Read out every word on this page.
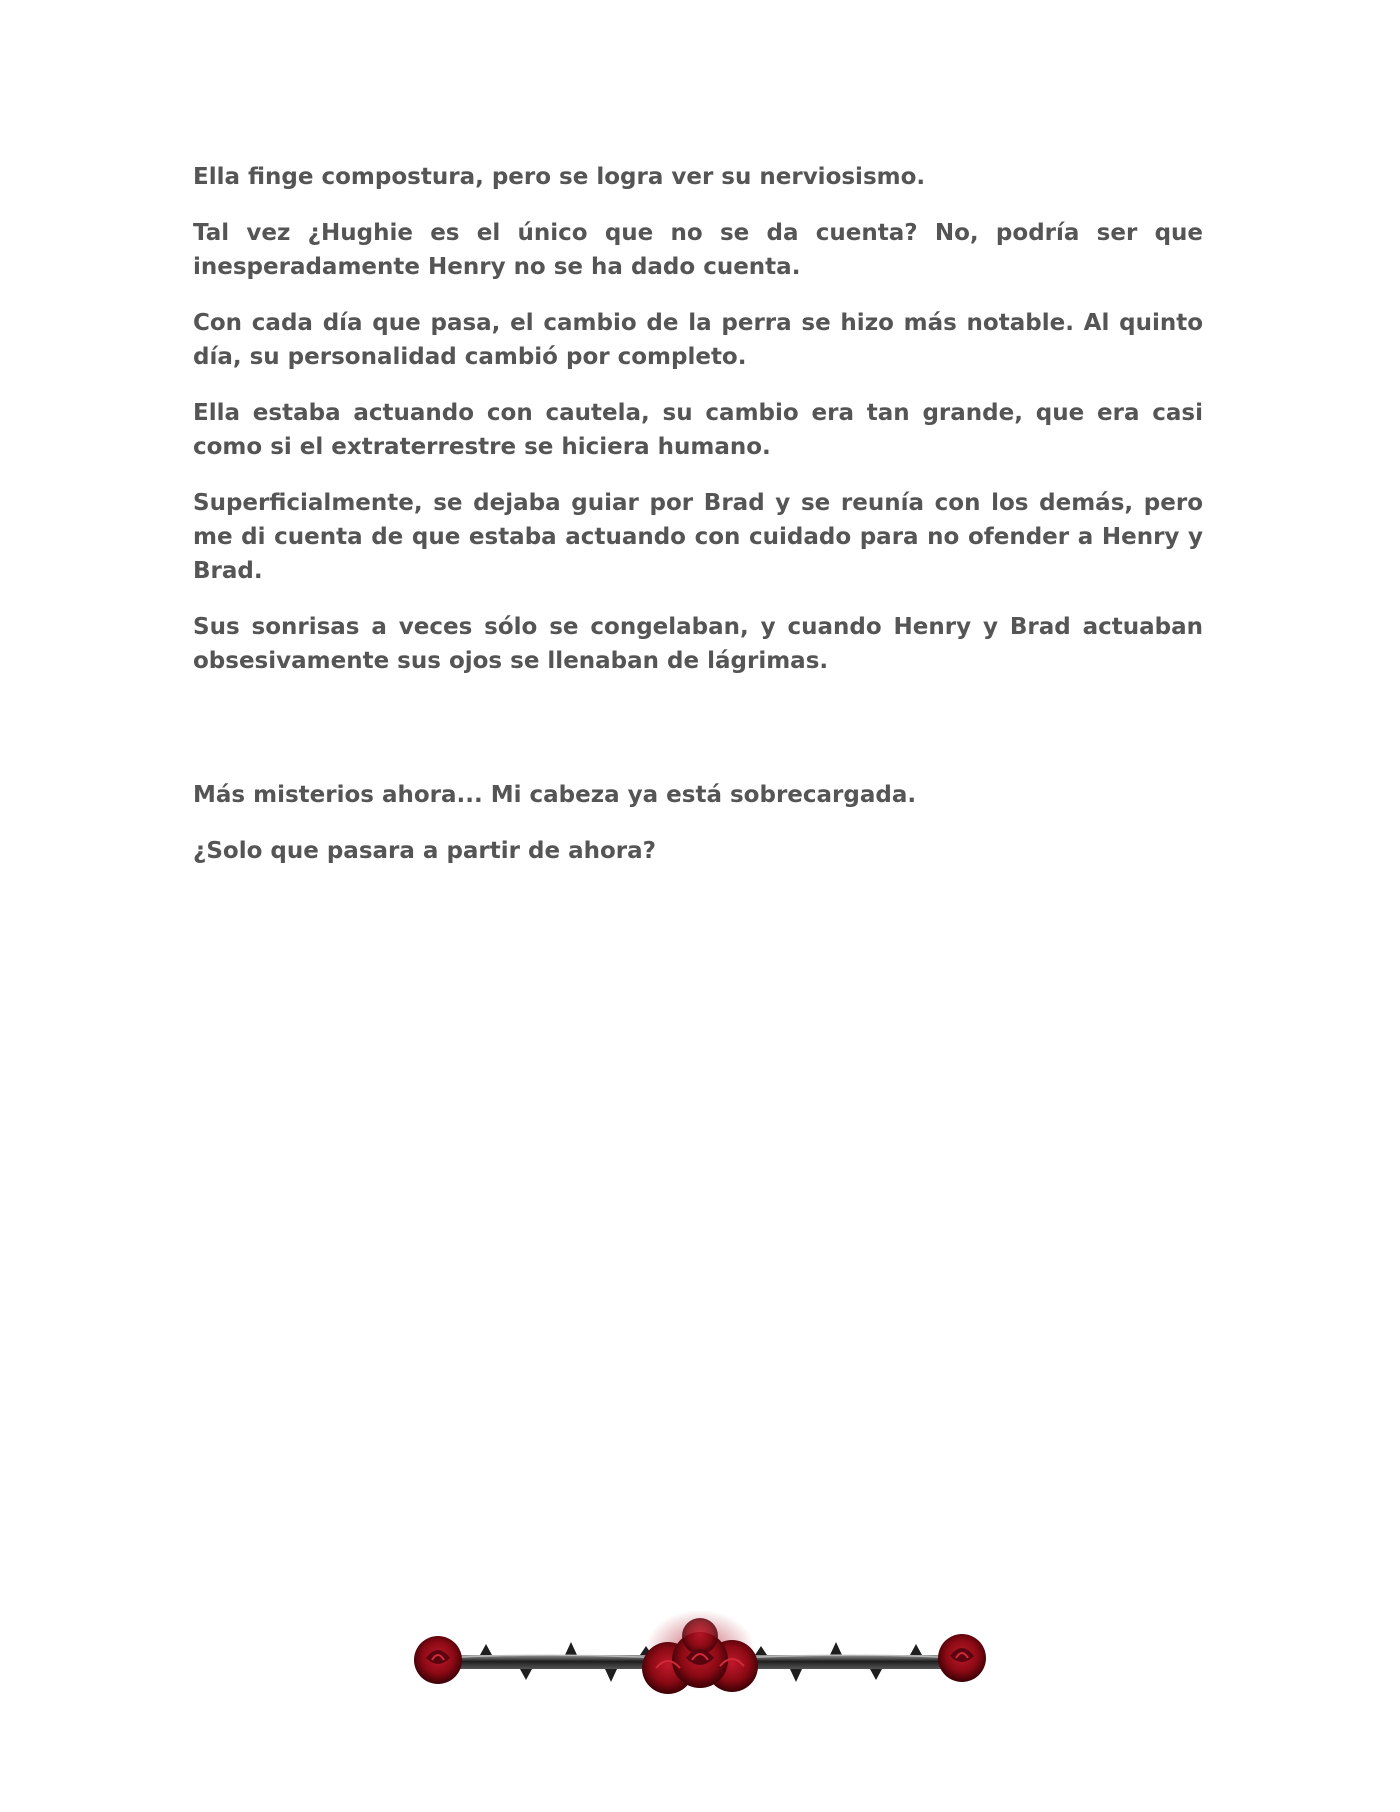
Ella finge compostura, pero se logra ver su nerviosismo.

Tal vez ¿Hughie es el único que no se da cuenta? No, podría ser que inesperadamente Henry no se ha dado cuenta.

Con cada día que pasa, el cambio de la perra se hizo más notable. Al quinto día, su personalidad cambió por completo.

Ella estaba actuando con cautela, su cambio era tan grande, que era casi como si el extraterrestre se hiciera humano.

Superficialmente, se dejaba guiar por Brad y se reunía con los demás, pero me di cuenta de que estaba actuando con cuidado para no ofender a Henry y Brad.

Sus sonrisas a veces sólo se congelaban, y cuando Henry y Brad actuaban obsesivamente sus ojos se llenaban de lágrimas.

Más misterios ahora... Mi cabeza ya está sobrecargada.

¿Solo que pasara a partir de ahora?
